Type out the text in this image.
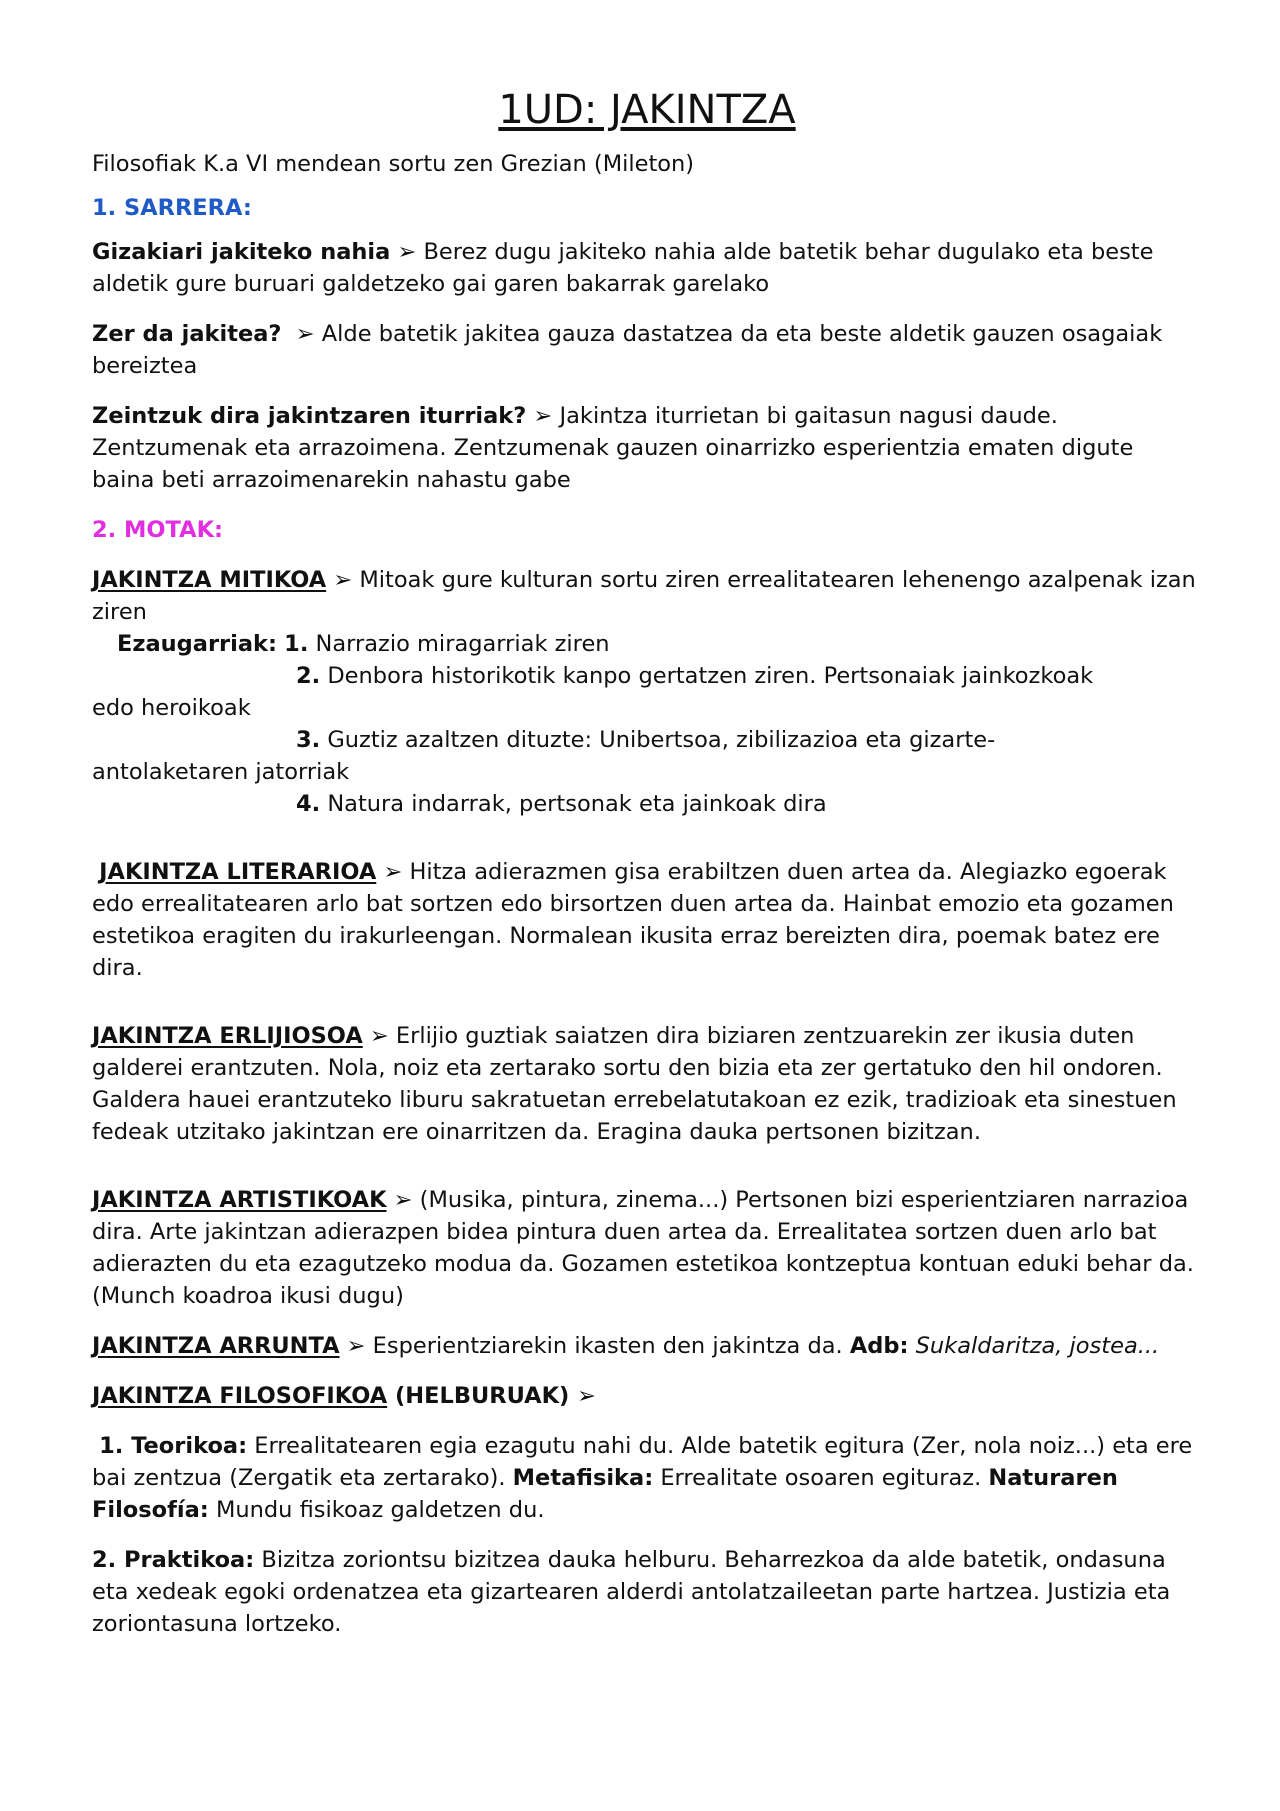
1UD: JAKINTZA

Filosofiak K.a VI mendean sortu zen Grezian (Mileton)

1. SARRERA:

Gizakiari jakiteko nahia ➢ Berez dugu jakiteko nahia alde batetik behar dugulako eta beste aldetik gure buruari galdetzeko gai garen bakarrak garelako

Zer da jakitea? ➢ Alde batetik jakitea gauza dastatzea da eta beste aldetik gauzen osagaiak bereiztea

Zeintzuk dira jakintzaren iturriak? ➢ Jakintza iturrietan bi gaitasun nagusi daude. Zentzumenak eta arrazoimena. Zentzumenak gauzen oinarrizko esperientzia ematen digute baina beti arrazoimenarekin nahastu gabe

2. MOTAK:

JAKINTZA MITIKOA ➢ Mitoak gure kulturan sortu ziren errealitatearen lehenengo azalpenak izan ziren

Ezaugarriak: 1. Narrazio miragarriak ziren

2. Denbora historikotik kanpo gertatzen ziren. Pertsonaiak jainkozkoak
edo heroikoak

3. Guztiz azaltzen dituzte: Unibertsoa, zibilizazioa eta gizarte-
antolaketaren jatorriak

4. Natura indarrak, pertsonak eta jainkoak dira

JAKINTZA LITERARIOA ➢ Hitza adierazmen gisa erabiltzen duen artea da. Alegiazko egoerak edo errealitatearen arlo bat sortzen edo birsortzen duen artea da. Hainbat emozio eta gozamen estetikoa eragiten du irakurleengan. Normalean ikusita erraz bereizten dira, poemak batez ere dira.

JAKINTZA ERLIJIOSOA ➢ Erlijio guztiak saiatzen dira biziaren zentzuarekin zer ikusia duten galderei erantzuten. Nola, noiz eta zertarako sortu den bizia eta zer gertatuko den hil ondoren. Galdera hauei erantzuteko liburu sakratuetan errebelatutakoan ez ezik, tradizioak eta sinestuen fedeak utzitako jakintzan ere oinarritzen da. Eragina dauka pertsonen bizitzan.

JAKINTZA ARTISTIKOAK ➢ (Musika, pintura, zinema...) Pertsonen bizi esperientziaren narrazioa dira. Arte jakintzan adierazpen bidea pintura duen artea da. Errealitatea sortzen duen arlo bat adierazten du eta ezagutzeko modua da. Gozamen estetikoa kontzeptua kontuan eduki behar da. (Munch koadroa ikusi dugu)

JAKINTZA ARRUNTA ➢ Esperientziarekin ikasten den jakintza da. Adb: Sukaldaritza, jostea...

JAKINTZA FILOSOFIKOA (HELBURUAK) ➢

1. Teorikoa: Errealitatearen egia ezagutu nahi du. Alde batetik egitura (Zer, nola noiz...) eta ere bai zentzua (Zergatik eta zertarako). Metafisika: Errealitate osoaren egituraz. Naturaren Filosofía: Mundu fisikoaz galdetzen du.

2. Praktikoa: Bizitza zoriontsu bizitzea dauka helburu. Beharrezkoa da alde batetik, ondasuna eta xedeak egoki ordenatzea eta gizartearen alderdi antolatzaileetan parte hartzea. Justizia eta zoriontasuna lortzeko.
